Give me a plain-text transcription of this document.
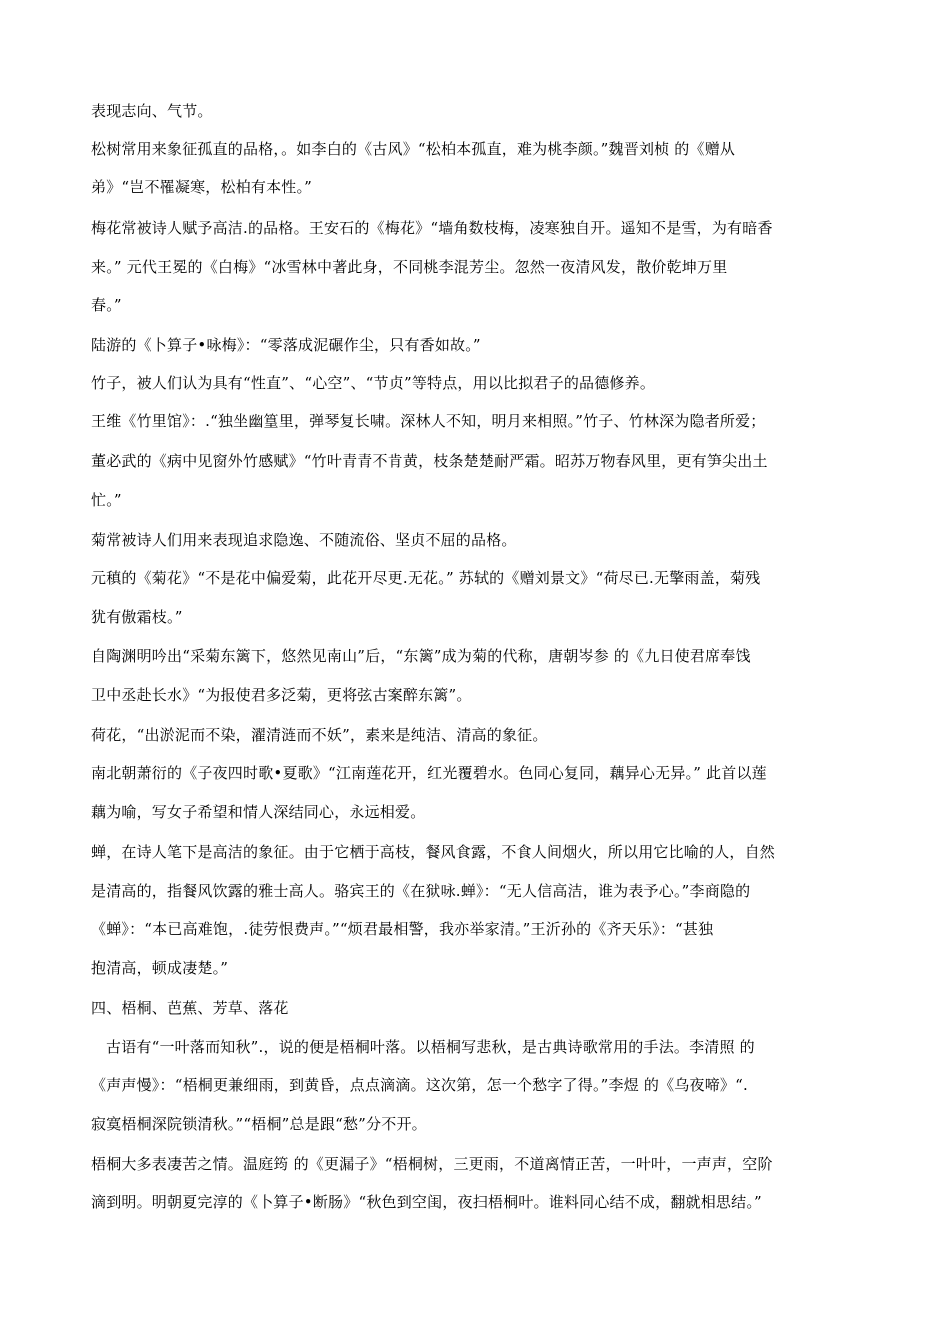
表现志向、气节。
松树常用来象征孤直的品格，。如李白的《古风》“松柏本孤直，难为桃李颜。”魏晋刘桢 的《赠从
弟》“岂不罹凝寒，松柏有本性。”
梅花常被诗人赋予高洁.的品格。王安石的《梅花》“墙角数枝梅，凌寒独自开。遥知不是雪，为有暗香
来。” 元代王冕的《白梅》“冰雪林中著此身，不同桃李混芳尘。忽然一夜清风发，散价乾坤万里
春。”
陆游的《卜算子•咏梅》：“零落成泥碾作尘，只有香如故。”
竹子，被人们认为具有“性直”、“心空”、“节贞”等特点，用以比拟君子的品德修养。
王维《竹里馆》：.“独坐幽篁里，弹琴复长啸。深林人不知，明月来相照。”竹子、竹林深为隐者所爱；
董必武的《病中见窗外竹感赋》“竹叶青青不肯黄，枝条楚楚耐严霜。昭苏万物春风里，更有笋尖出土
忙。”
菊常被诗人们用来表现追求隐逸、不随流俗、坚贞不屈的品格。
元稹的《菊花》“不是花中偏爱菊，此花开尽更.无花。” 苏轼的《赠刘景文》“荷尽已.无擎雨盖，菊残
犹有傲霜枝。”
自陶渊明吟出“采菊东篱下，悠然见南山”后，“东篱”成为菊的代称，唐朝岑参 的《九日使君席奉饯
卫中丞赴长水》“为报使君多泛菊，更将弦古案醉东篱”。
荷花，“出淤泥而不染，濯清涟而不妖”，素来是纯洁、清高的象征。
南北朝萧衍的《子夜四时歌•夏歌》“江南莲花开，红光覆碧水。色同心复同，藕异心无异。” 此首以莲
藕为喻，写女子希望和情人深结同心，永远相爱。
蝉，在诗人笔下是高洁的象征。由于它栖于高枝，餐风食露，不食人间烟火，所以用它比喻的人，自然
是清高的，指餐风饮露的雅士高人。骆宾王的《在狱咏.蝉》：“无人信高洁，谁为表予心。”李商隐的
《蝉》：“本已高难饱，.徒劳恨费声。”“烦君最相警，我亦举家清。”王沂孙的《齐天乐》：“甚独
抱清高，顿成凄楚。”
四、梧桐、芭蕉、芳草、落花
古语有“一叶落而知秋”.，说的便是梧桐叶落。以梧桐写悲秋，是古典诗歌常用的手法。李清照 的
《声声慢》：“梧桐更兼细雨，到黄昏，点点滴滴。这次第，怎一个愁字了得。”李煜 的《乌夜啼》“.
寂寞梧桐深院锁清秋。”“梧桐”总是跟“愁”分不开。
梧桐大多表凄苦之情。温庭筠 的《更漏子》“梧桐树，三更雨，不道离情正苦，一叶叶，一声声，空阶
滴到明。明朝夏完淳的《卜算子•断肠》“秋色到空闺，夜扫梧桐叶。谁料同心结不成，翻就相思结。”
